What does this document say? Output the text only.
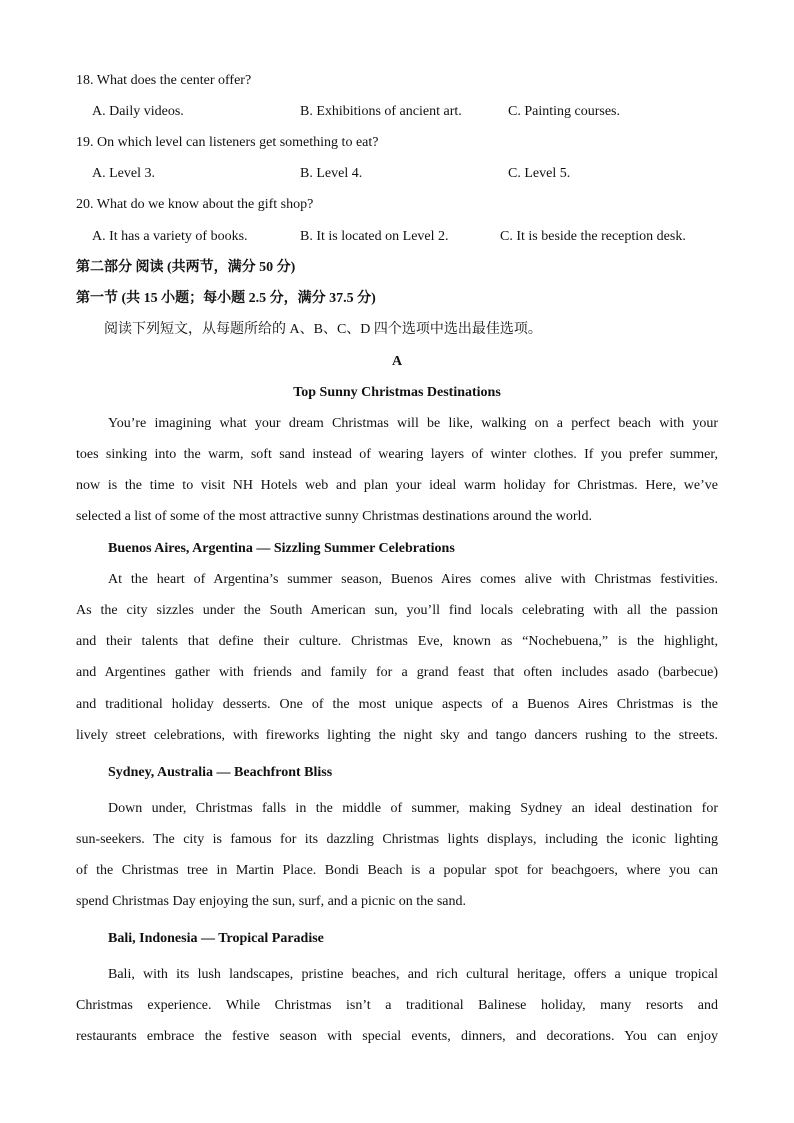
18. What does the center offer?
A. Daily videos.	B. Exhibitions of ancient art.	C. Painting courses.
19. On which level can listeners get something to eat?
A. Level 3.	B. Level 4.	C. Level 5.
20. What do we know about the gift shop?
A. It has a variety of books.	B. It is located on Level 2.	C. It is beside the reception desk.
第二部分 阅读 (共两节，满分 50 分)
第一节 (共 15 小题；每小题 2.5 分，满分 37.5 分)
阅读下列短文，从每题所给的 A、B、C、D 四个选项中选出最佳选项。
A
Top Sunny Christmas Destinations
You’re imagining what your dream Christmas will be like, walking on a perfect beach with your
toes sinking into the warm, soft sand instead of wearing layers of winter clothes. If you prefer summer,
now is the time to visit NH Hotels web and plan your ideal warm holiday for Christmas. Here, we’ve
selected a list of some of the most attractive sunny Christmas destinations around the world.
Buenos Aires, Argentina — Sizzling Summer Celebrations
At the heart of Argentina’s summer season, Buenos Aires comes alive with Christmas festivities.
As the city sizzles under the South American sun, you’ll find locals celebrating with all the passion
and their talents that define their culture. Christmas Eve, known as “Nochebuena,” is the highlight,
and Argentines gather with friends and family for a grand feast that often includes asado (barbecue)
and traditional holiday desserts. One of the most unique aspects of a Buenos Aires Christmas is the
lively street celebrations, with fireworks lighting the night sky and tango dancers rushing to the streets.
Sydney, Australia — Beachfront Bliss
Down under, Christmas falls in the middle of summer, making Sydney an ideal destination for
sun-seekers. The city is famous for its dazzling Christmas lights displays, including the iconic lighting
of the Christmas tree in Martin Place. Bondi Beach is a popular spot for beachgoers, where you can
spend Christmas Day enjoying the sun, surf, and a picnic on the sand.
Bali, Indonesia — Tropical Paradise
Bali, with its lush landscapes, pristine beaches, and rich cultural heritage, offers a unique tropical
Christmas experience. While Christmas isn’t a traditional Balinese holiday, many resorts and
restaurants embrace the festive season with special events, dinners, and decorations. You can enjoy
